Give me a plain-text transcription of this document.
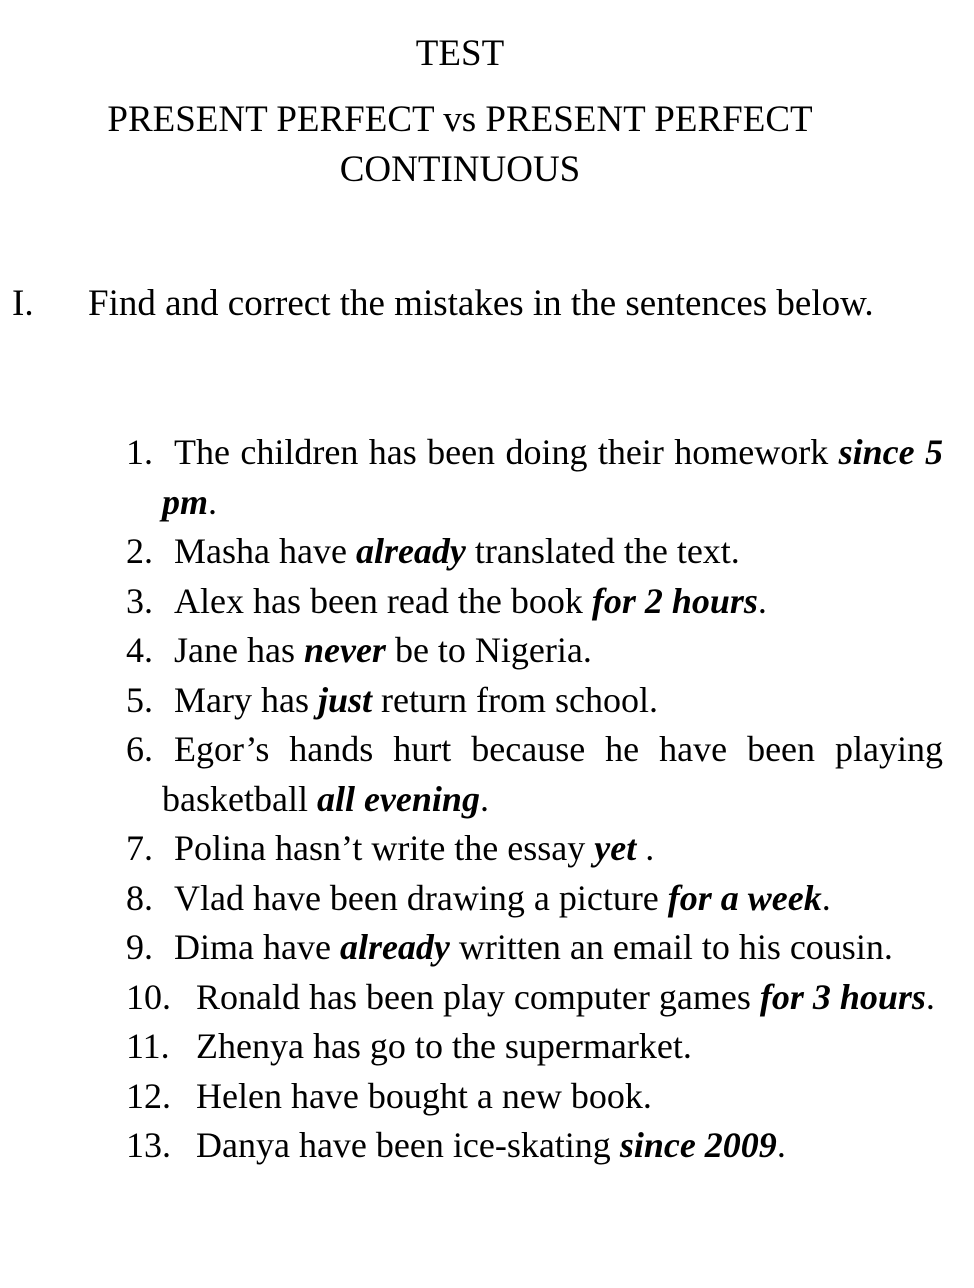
TEST
PRESENT PERFECT vs PRESENT PERFECT
CONTINUOUS
I. Find and correct the mistakes in the sentences below.
1. The children has been doing their homework since 5 pm.
2. Masha have already translated the text.
3. Alex has been read the book for 2 hours.
4. Jane has never be to Nigeria.
5. Mary has just return from school.
6. Egor’s hands hurt because he have been playing basketball all evening.
7. Polina hasn’t write the essay yet .
8. Vlad have been drawing a picture for a week.
9. Dima have already written an email to his cousin.
10. Ronald has been play computer games for 3 hours.
11. Zhenya has go to the supermarket.
12. Helen have bought a new book.
13. Danya have been ice-skating since 2009.
